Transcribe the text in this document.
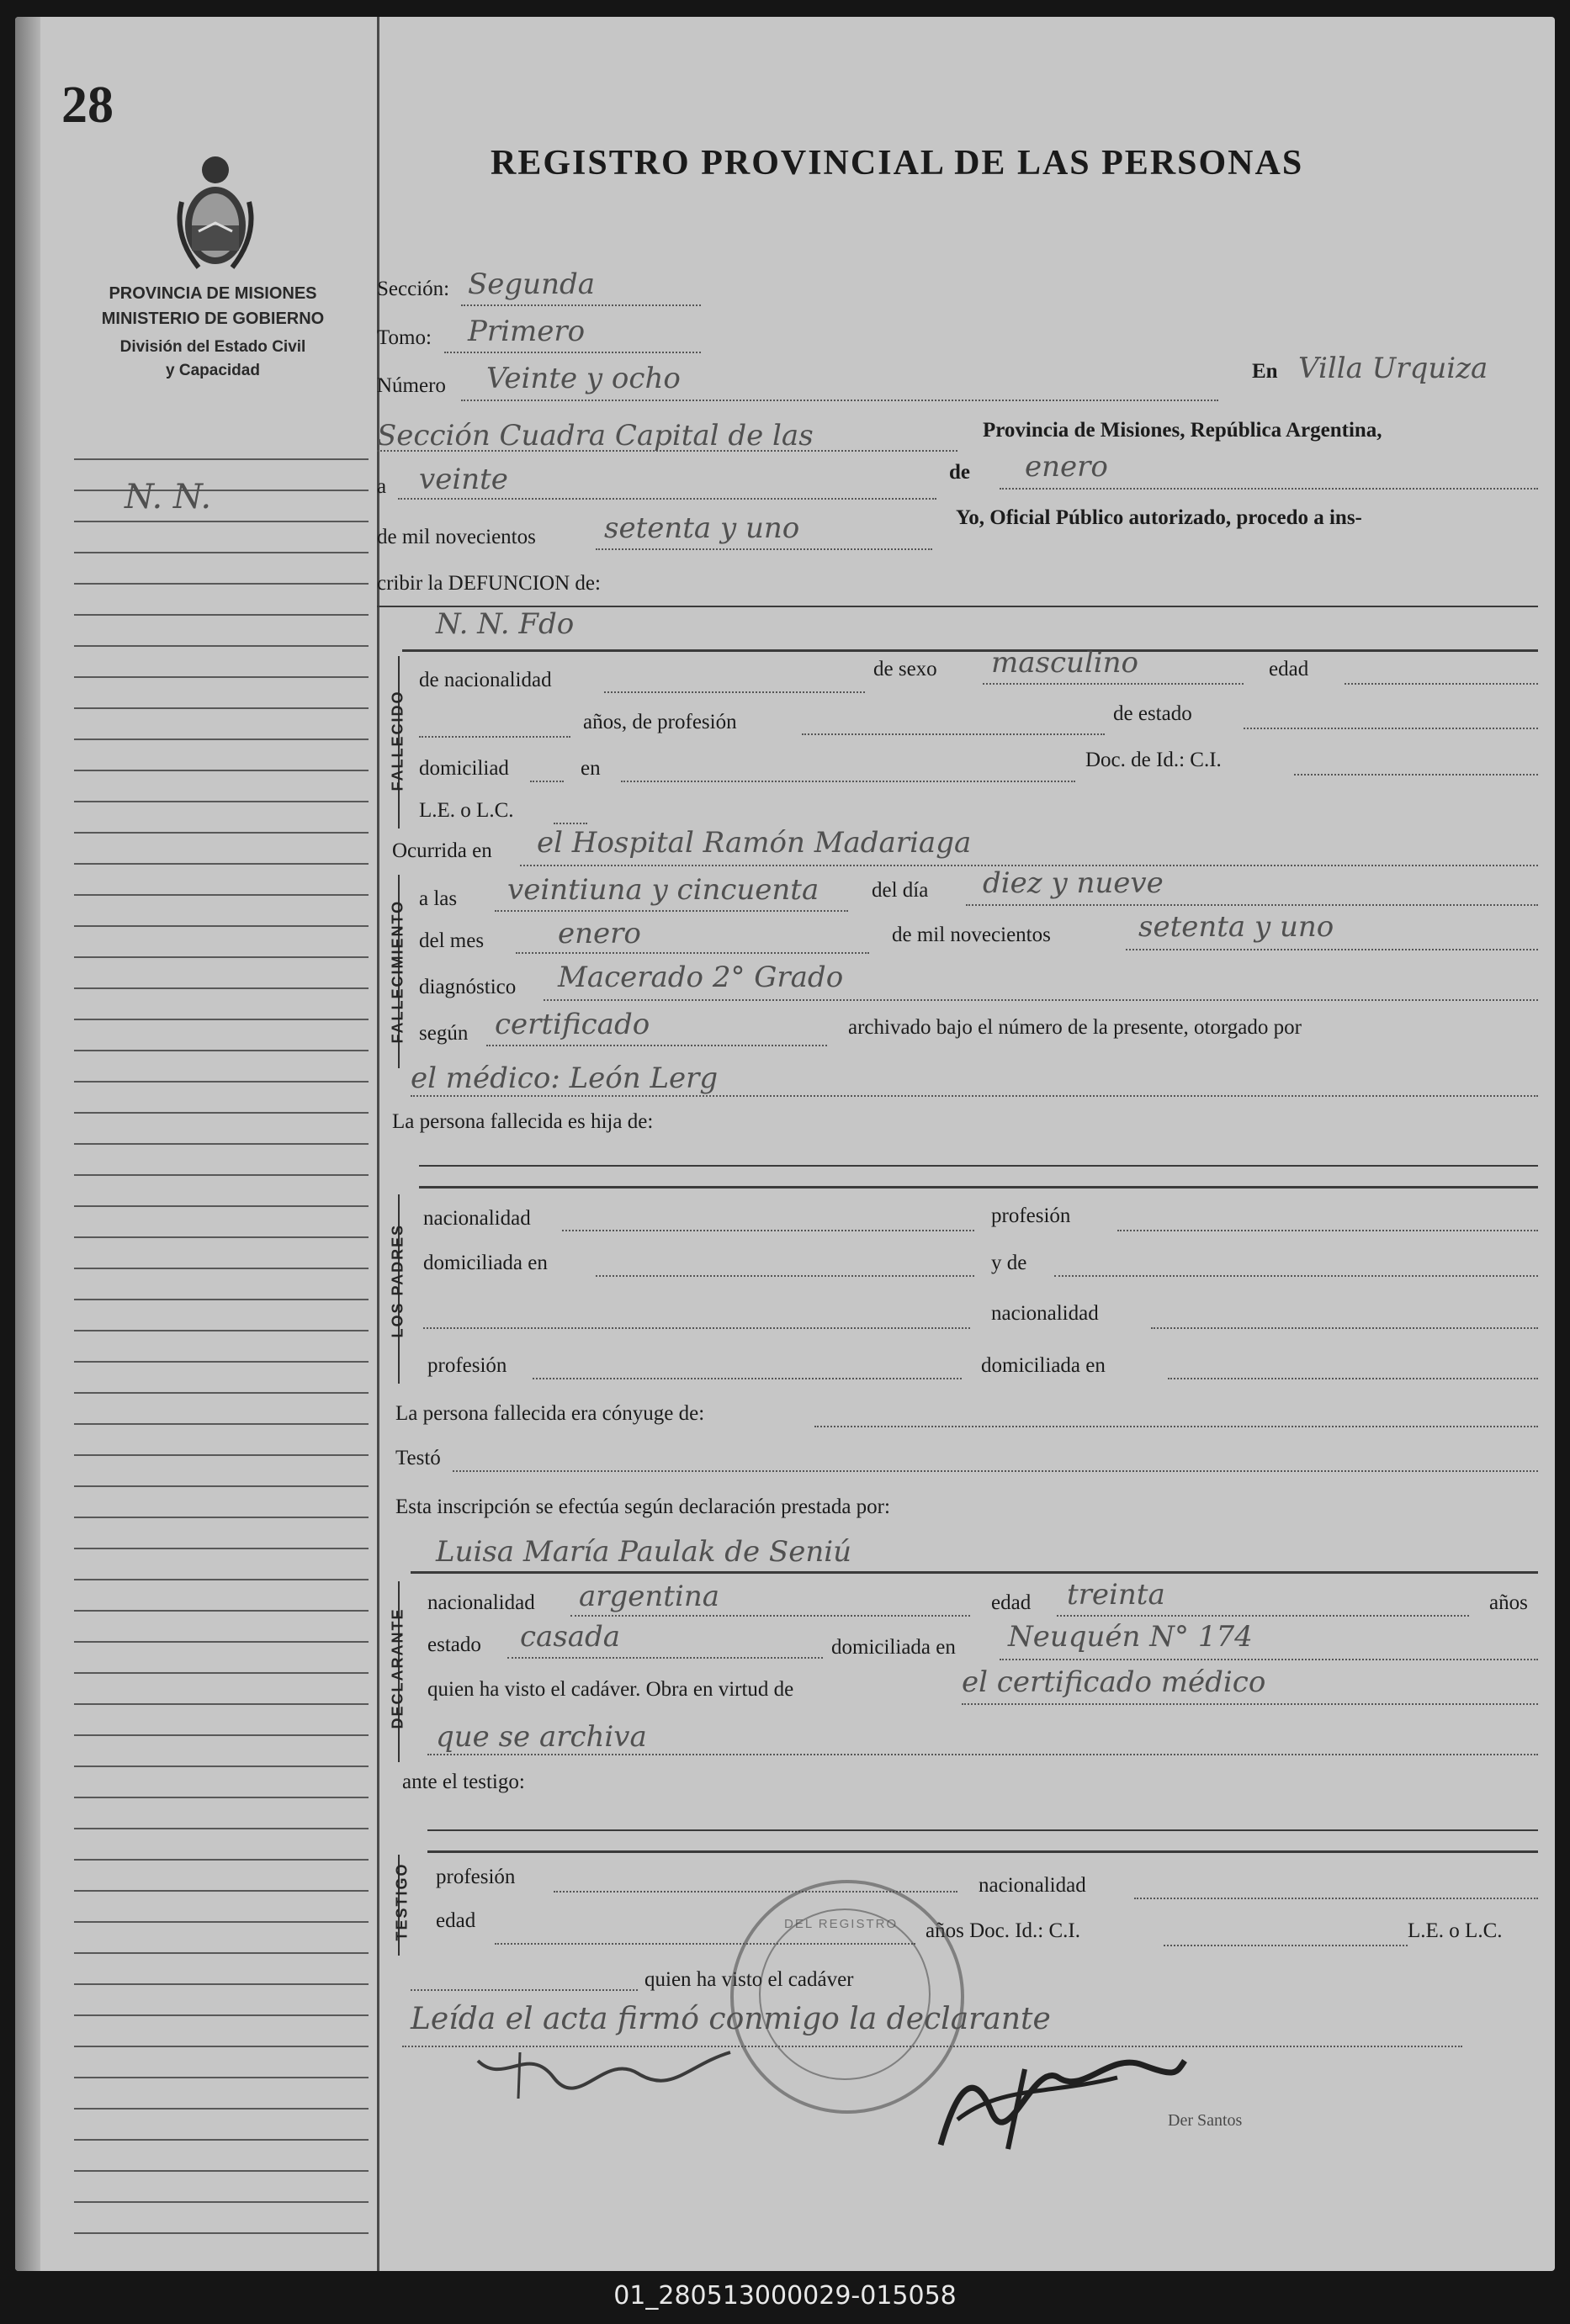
28
PROVINCIA DE MISIONES
MINISTERIO DE GOBIERNO
División del Estado Civil
y Capacidad
N. N.
REGISTRO PROVINCIAL DE LAS PERSONAS
Sección: Segunda
Tomo: Primero
Número Veinte y ocho	En Villa Urquiza
Sección Cuadra Capital de las	Provincia de Misiones, República Argentina,
a veinte	de enero
de mil novecientos setenta y uno	Yo, Oficial Público autorizado, procedo a ins-
cribir la DEFUNCION de:
FALLECIDO
N. N. Fdo
de nacionalidad	de sexo masculino	edad
años, de profesión	de estado
domiciliad	en	Doc. de Id.: C.I.
L.E. o L.C.
Ocurrida en el Hospital Ramón Madariaga
FALLECIMIENTO
a las veintiuna y cincuenta	del día diez y nueve
del mes	enero	de mil novecientos	setenta y uno
diagnóstico Macerado 2° Grado
según certificado	archivado bajo el número de la presente, otorgado por
el médico: León Lerg
La persona fallecida es hija de:
LOS PADRES
nacionalidad	profesión
domiciliada en	y de
nacionalidad
profesión	domiciliada en
La persona fallecida era cónyuge de:
Testó
Esta inscripción se efectúa según declaración prestada por:
Luisa María Paulak de Seniú
DECLARANTE
nacionalidad argentina	edad treinta	años
estado casada	domiciliada en Neuquén N° 174
quien ha visto el cadáver. Obra en virtud de	el certificado médico
que se archiva
ante el testigo:
TESTIGO profesión	nacionalidad
edad	años Doc. Id.: C.I.	L.E. o L.C.
quien ha visto el cadáver
DEL REGISTRO
Leída el acta firmó conmigo la declarante
Der Santos
01_280513000029-015058
